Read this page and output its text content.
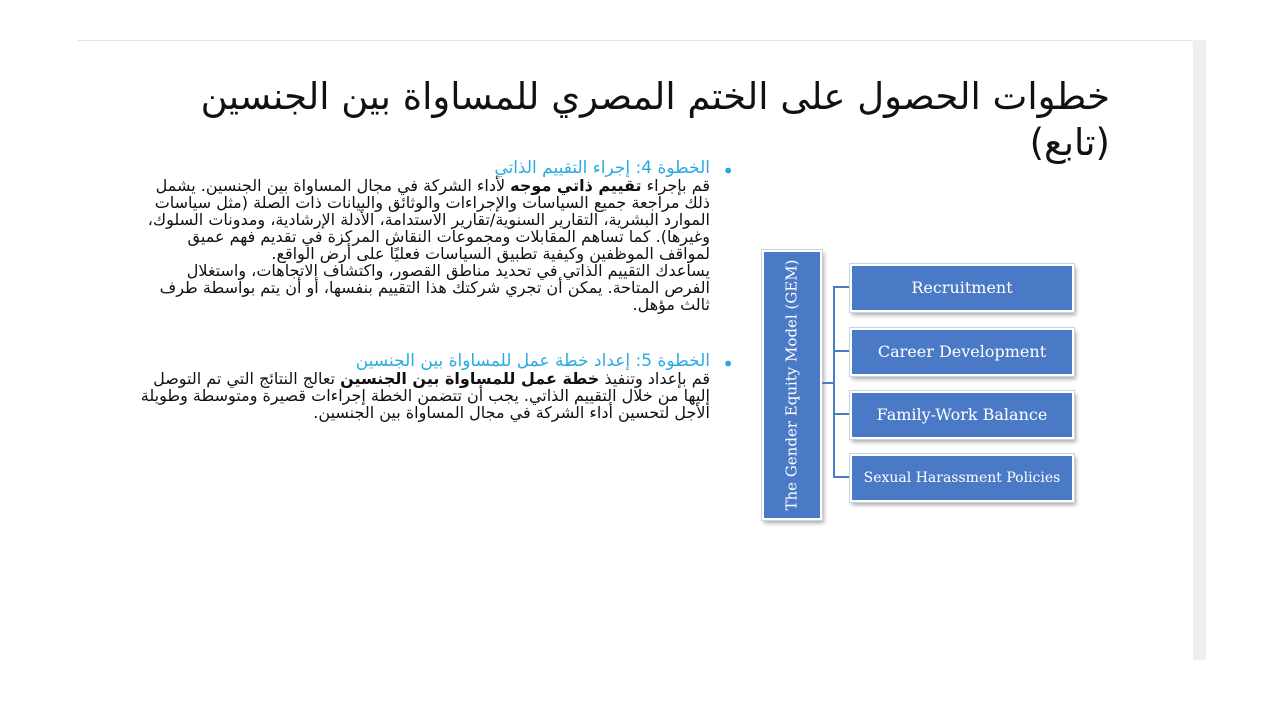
خطوات الحصول على الختم المصري للمساواة بين الجنسين (تابع)
•
الخطوة 4: إجراء التقييم الذاتي

قم بإجراء تقييم ذاتي موجه لأداء الشركة في مجال المساواة بين الجنسين. يشمل ذلك مراجعة جميع السياسات والإجراءات والوثائق والبيانات ذات الصلة (مثل سياسات الموارد البشرية، التقارير السنوية/تقارير الاستدامة، الأدلة الإرشادية، ومدونات السلوك، وغيرها). كما تساهم المقابلات ومجموعات النقاش المركزة في تقديم فهم عميق لمواقف الموظفين وكيفية تطبيق السياسات فعليًا على أرض الواقع.

يساعدك التقييم الذاتي في تحديد مناطق القصور، واكتشاف الاتجاهات، واستغلال الفرص المتاحة. يمكن أن تجري شركتك هذا التقييم بنفسها، أو أن يتم بواسطة طرف ثالث مؤهل.

•
الخطوة 5: إعداد خطة عمل للمساواة بين الجنسين

قم بإعداد وتنفيذ خطة عمل للمساواة بين الجنسين تعالج النتائج التي تم التوصل إليها من خلال التقييم الذاتي. يجب أن تتضمن الخطة إجراءات قصيرة ومتوسطة وطويلة الأجل لتحسين أداء الشركة في مجال المساواة بين الجنسين.	The Gender Equity Model (GEM)	Recruitment
Career Development
Family-Work Balance
Sexual Harassment Policies
